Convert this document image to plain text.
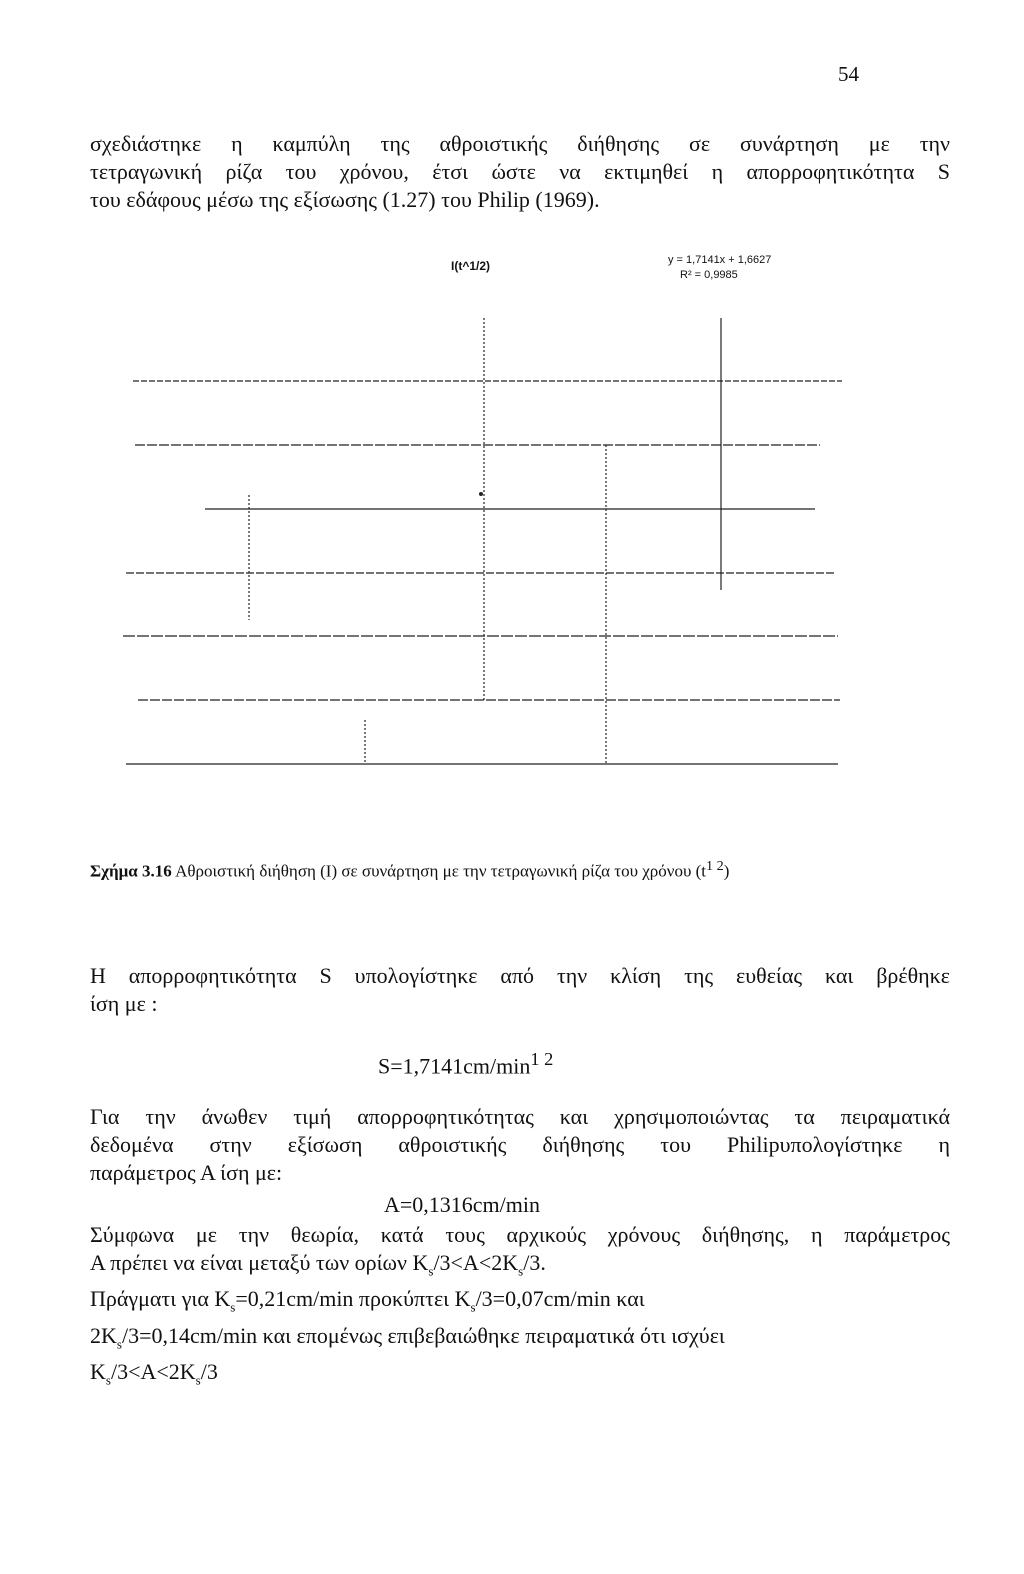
54

σχεδιάστηκε η καμπύλη της αθροιστικής διήθησης σε συνάρτηση με την
τετραγωνική ρίζα του χρόνου, έτσι ώστε να εκτιμηθεί η απορροφητικότητα S
του εδάφους μέσω της εξίσωσης (1.27) του Philip (1969).

I(t^1/2)	y = 1,7141x + 1,6627
R² = 0,9985
Σχήμα 3.16 Αθροιστική διήθηση (I) σε συνάρτηση με την τετραγωνική ρίζα του χρόνου $(t^{1 2})$

Η απορροφητικότητα S υπολογίστηκε από την κλίση της ευθείας και βρέθηκε
ίση με :

$S=1,7141cm/\min^{1 2}$

Για την άνωθεν τιμή απορροφητικότητας και χρησιμοποιώντας τα πειραματικά
δεδομένα στην εξίσωση αθροιστικής διήθησης του Philipυπολογίστηκε η
παράμετρος Α ίση με:

A=0,1316cm/min

Σύμφωνα με την θεωρία, κατά τους αρχικούς χρόνους διήθησης, η παράμετρος
Α πρέπει να είναι μεταξύ των ορίων $K_s/3<A<2K_s/3$.
Πράγματι για $K_s=0,21cm/\min$ προκύπτει $K_s/3=0,07cm/\min$ και
$2K_s/3=0,14cm/\min$ και επομένως επιβεβαιώθηκε πειραματικά ότι ισχύει
$K_s/3<A<2K_s/3$
